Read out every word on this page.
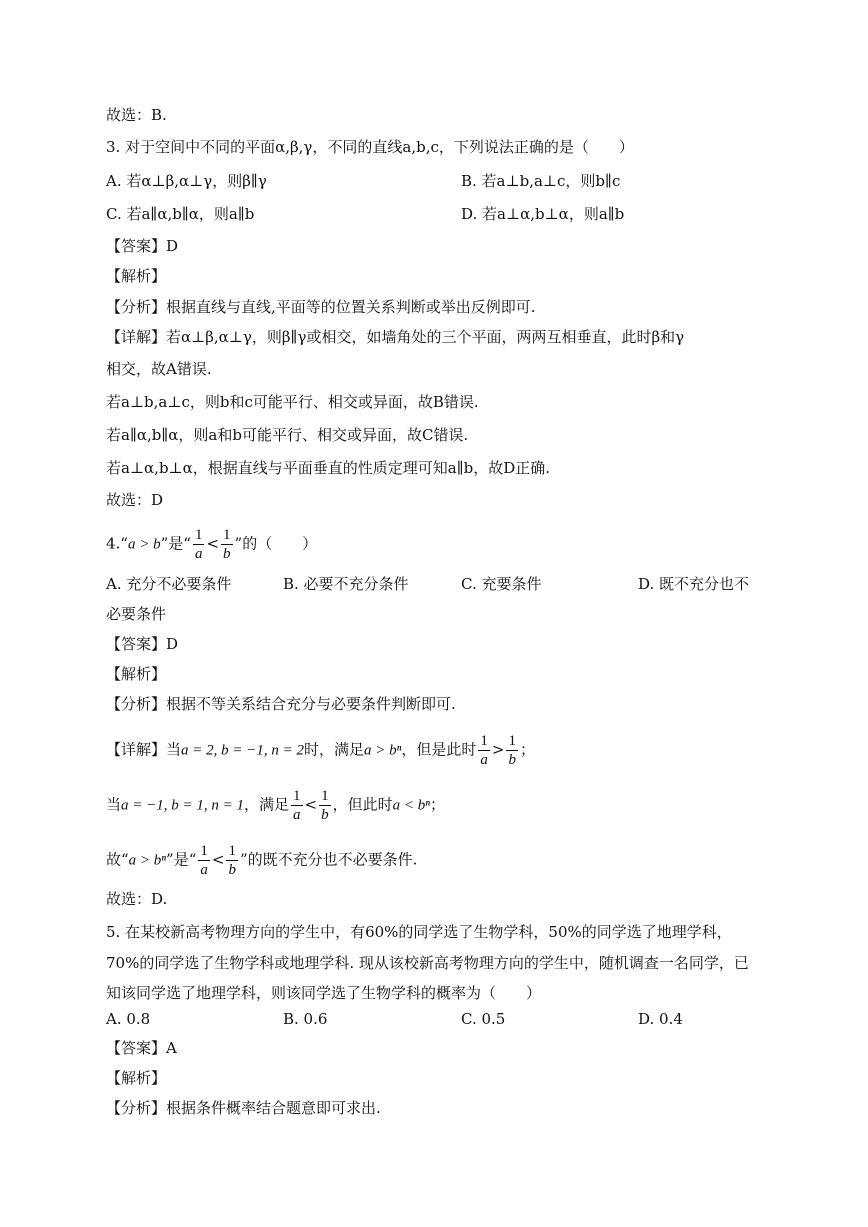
故选：B.
3. 对于空间中不同的平面α,β,γ，不同的直线a,b,c，下列说法正确的是（　　）
A. 若α⊥β,α⊥γ，则β∥γ	B. 若a⊥b,a⊥c，则b∥c
C. 若a∥α,b∥α，则a∥b	D. 若a⊥α,b⊥α，则a∥b
【答案】D
【解析】
【分析】根据直线与直线,平面等的位置关系判断或举出反例即可.
【详解】若α⊥β,α⊥γ，则β∥γ或相交，如墙角处的三个平面，两两互相垂直，此时β和γ
相交，故A错误.
若a⊥b,a⊥c，则b和c可能平行、相交或异面，故B错误.
若a∥α,b∥α，则a和b可能平行、相交或异面，故C错误.
若a⊥α,b⊥α，根据直线与平面垂直的性质定理可知a∥b，故D正确.
故选：D
4.“a > b”是“ $\frac{1}{a} < \frac{1}{b}$ ”的（　　）
A. 充分不必要条件	B. 必要不充分条件	C. 充要条件	D. 既不充分也不
必要条件
【答案】D
【解析】
【分析】根据不等关系结合充分与必要条件判断即可.
【详解】当a = 2, b = −1, n = 2时，满足a > bⁿ，但是此时 $\frac{1}{a} > \frac{1}{b}$ ；
当a = −1, b = 1, n = 1，满足 $\frac{1}{a} < \frac{1}{b}$ ，但此时a < bⁿ；
故“a > bⁿ”是“ $\frac{1}{a} < \frac{1}{b}$ ”的既不充分也不必要条件.
故选：D.
5. 在某校新高考物理方向的学生中，有60%的同学选了生物学科，50%的同学选了地理学科，
70%的同学选了生物学科或地理学科. 现从该校新高考物理方向的学生中，随机调查一名同学，已
知该同学选了地理学科，则该同学选了生物学科的概率为（　　）
A. 0.8	B. 0.6	C. 0.5	D. 0.4
【答案】A
【解析】
【分析】根据条件概率结合题意即可求出.
